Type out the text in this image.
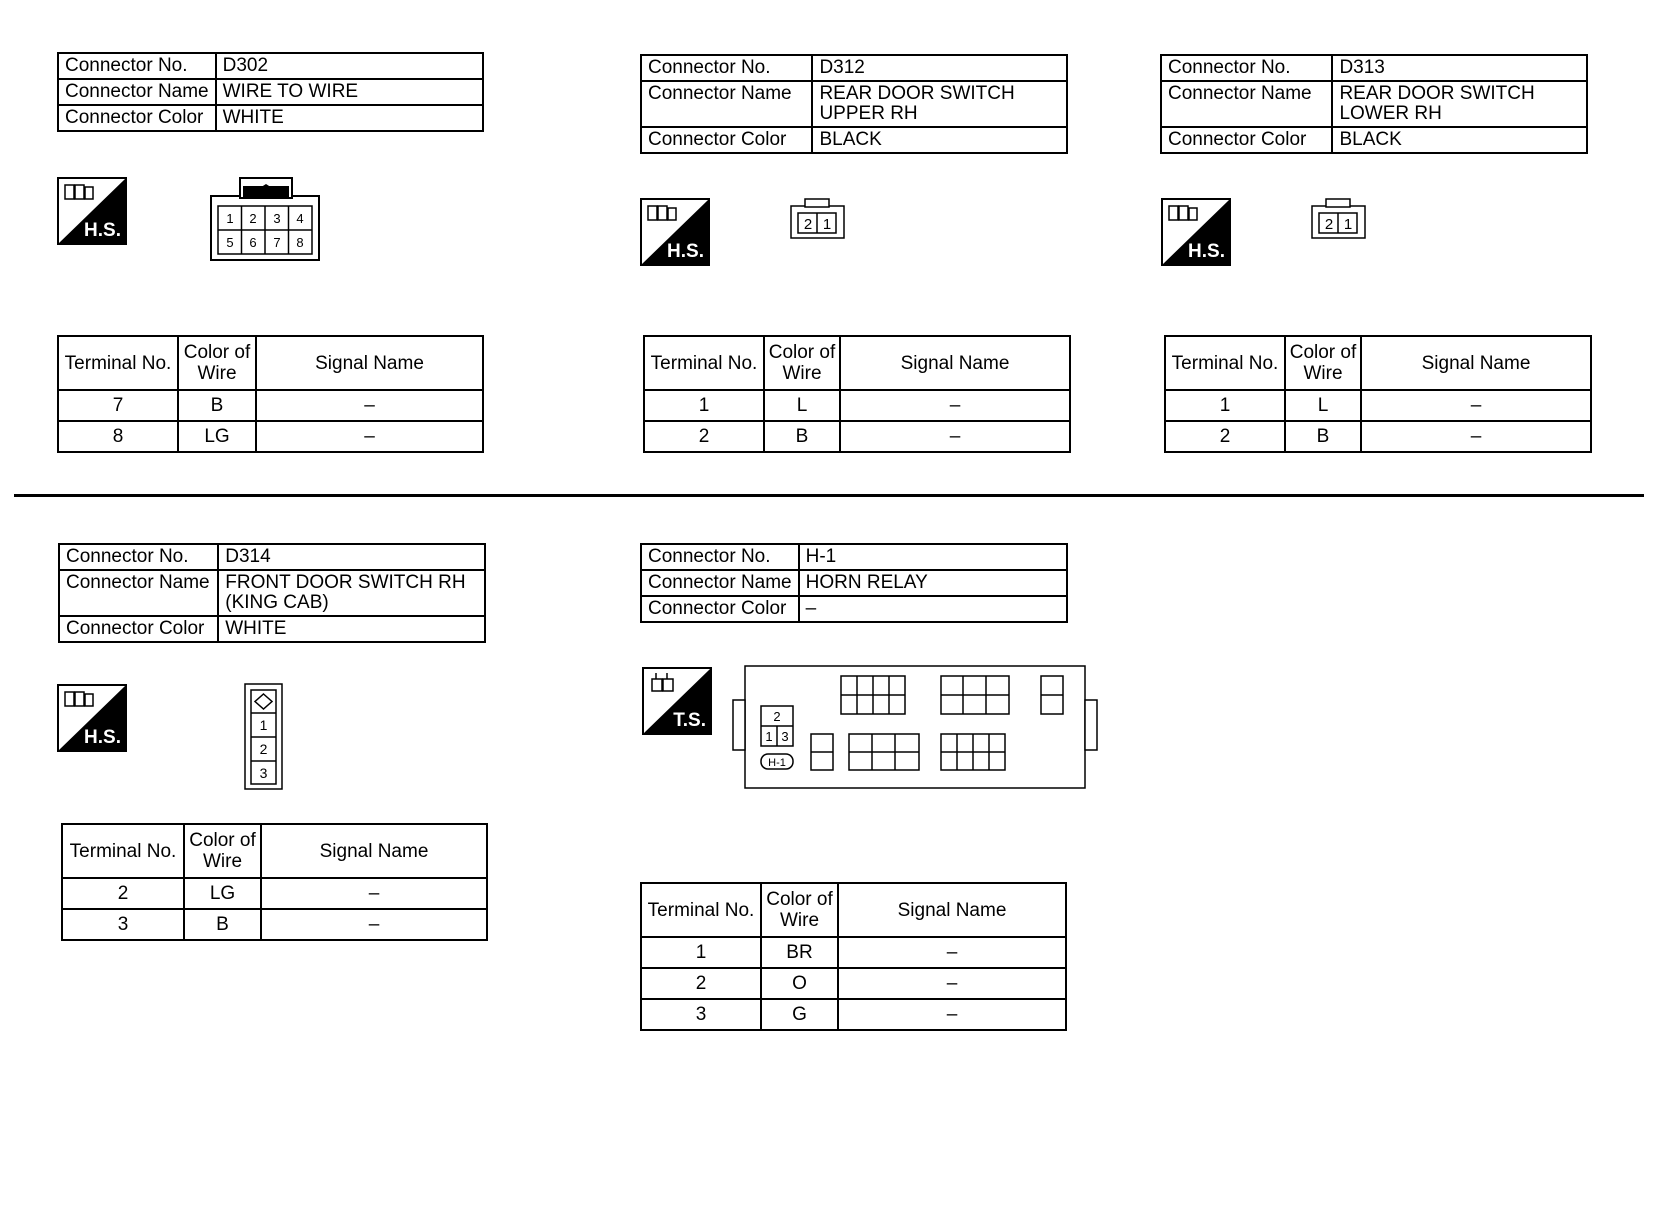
Connector No.	D302
Connector Name	WIRE TO WIRE
Connector Color	WHITE
H.S.
1 2 3 4
5 6 7 8
Terminal No.	Color of Wire	Signal Name
7	B	–
8	LG	–
Connector No.	D312
Connector Name	REAR DOOR SWITCH UPPER RH
Connector Color	BLACK
H.S.
2 1
Terminal No.	Color of Wire	Signal Name
1	L	–
2	B	–
Connector No.	D313
Connector Name	REAR DOOR SWITCH LOWER RH
Connector Color	BLACK
H.S.
2 1
Terminal No.	Color of Wire	Signal Name
1	L	–
2	B	–
Connector No.	D314
Connector Name	FRONT DOOR SWITCH RH (KING CAB)
Connector Color	WHITE
H.S.
1
2
3
Terminal No.	Color of Wire	Signal Name
2	LG	–
3	B	–
Connector No.	H-1
Connector Name	HORN RELAY
Connector Color	–
T.S.	2
1 3
H-1
Terminal No.	Color of Wire	Signal Name
1	BR	–
2	O	–
3	G	–
